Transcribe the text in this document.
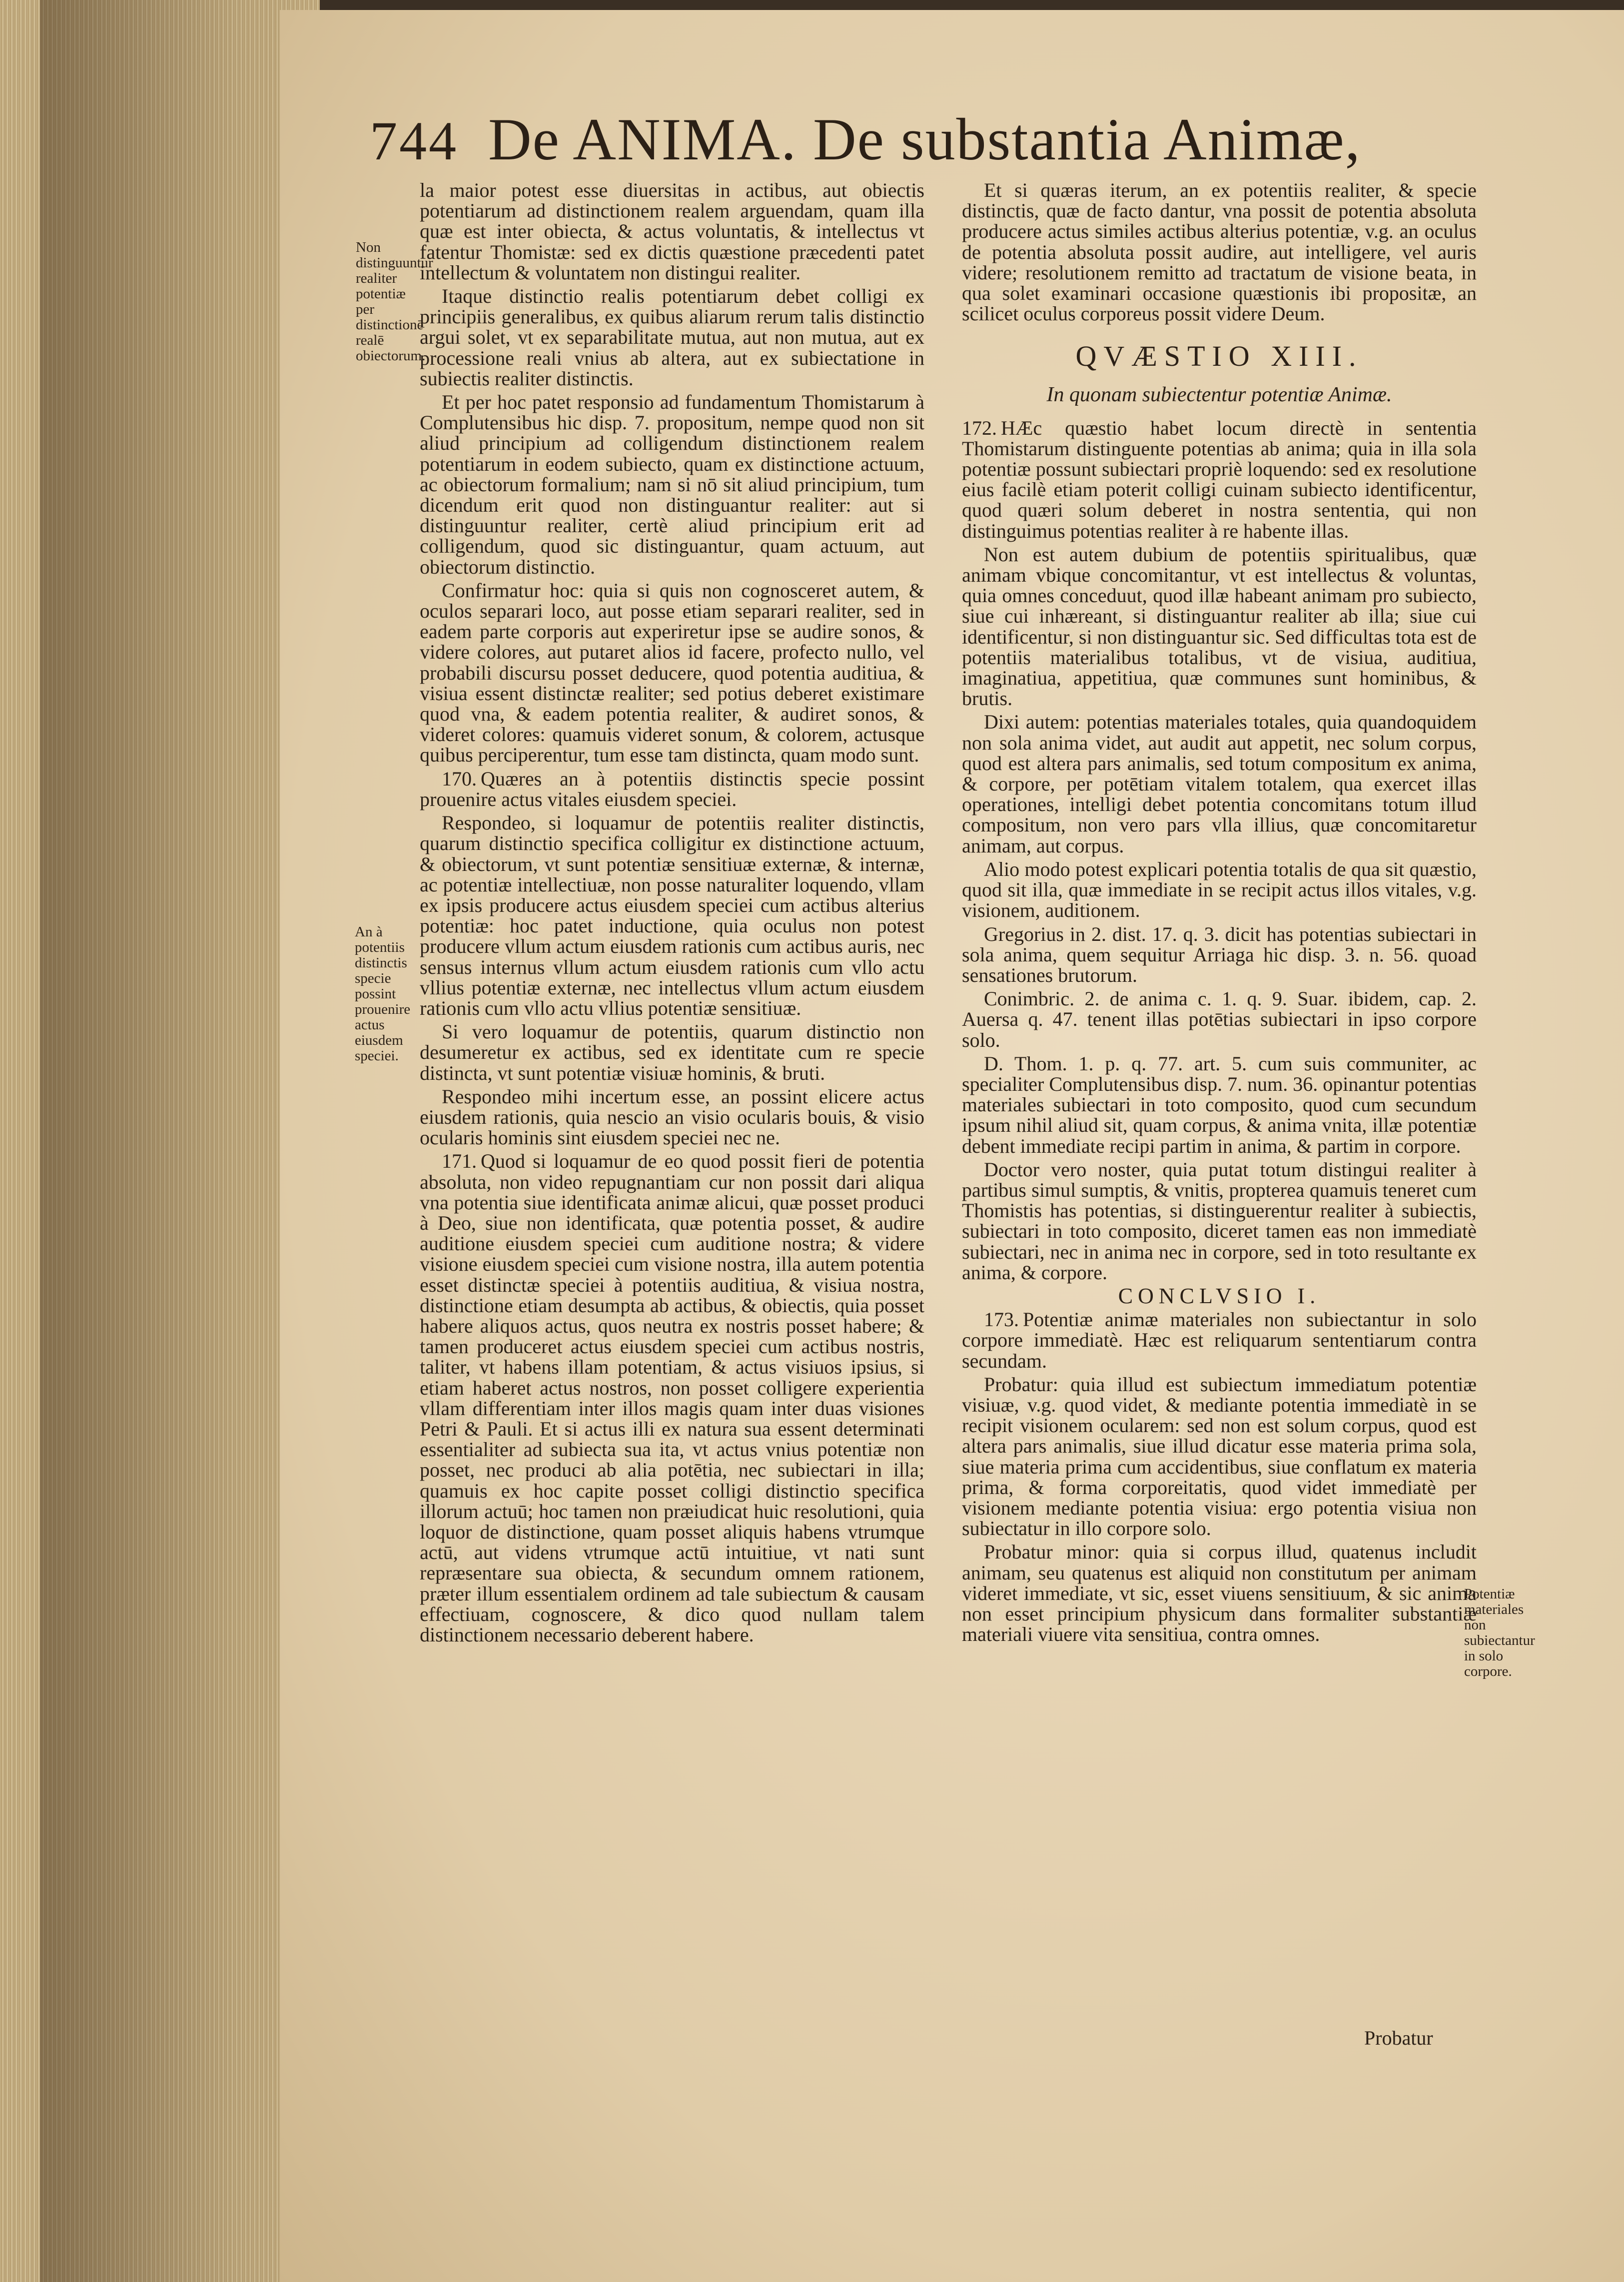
744 De ANIMA. De substantia Animæ,
Non distinguuntur realiter potentiæ per distinctionē realē obiectorum.
An à potentiis distinctis specie possint prouenire actus eiusdem speciei.
Potentiæ materiales non subiectantur in solo corpore.

la maior potest esse diuersitas in actibus, aut obiectis potentiarum ad distinctionem realem arguendam, quam illa quæ est inter obiecta, & actus voluntatis, & intellectus vt fatentur Thomistæ: sed ex dictis quæstione præcedenti patet intellectum & voluntatem non distingui realiter.

Itaque distinctio realis potentiarum debet colligi ex principiis generalibus, ex quibus aliarum rerum talis distinctio argui solet, vt ex separabilitate mutua, aut non mutua, aut ex processione reali vnius ab altera, aut ex subiectatione in subiectis realiter distinctis.

Et per hoc patet responsio ad fundamentum Thomistarum à Complutensibus hic disp. 7. propositum, nempe quod non sit aliud principium ad colligendum distinctionem realem potentiarum in eodem subiecto, quam ex distinctione actuum, ac obiectorum formalium; nam si nō sit aliud principium, tum dicendum erit quod non distinguantur realiter: aut si distinguuntur realiter, certè aliud principium erit ad colligendum, quod sic distinguantur, quam actuum, aut obiectorum distinctio.

Confirmatur hoc: quia si quis non cognosceret autem, & oculos separari loco, aut posse etiam separari realiter, sed in eadem parte corporis aut experiretur ipse se audire sonos, & videre colores, aut putaret alios id facere, profecto nullo, vel probabili discursu posset deducere, quod potentia auditiua, & visiua essent distinctæ realiter; sed potius deberet existimare quod vna, & eadem potentia realiter, & audiret sonos, & videret colores: quamuis videret sonum, & colorem, actusque quibus perciperentur, tum esse tam distincta, quam modo sunt.

170. Quæres an à potentiis distinctis specie possint prouenire actus vitales eiusdem speciei.

Respondeo, si loquamur de potentiis realiter distinctis, quarum distinctio specifica colligitur ex distinctione actuum, & obiectorum, vt sunt potentiæ sensitiuæ externæ, & internæ, ac potentiæ intellectiuæ, non posse naturaliter loquendo, vllam ex ipsis producere actus eiusdem speciei cum actibus alterius potentiæ: hoc patet inductione, quia oculus non potest producere vllum actum eiusdem rationis cum actibus auris, nec sensus internus vllum actum eiusdem rationis cum vllo actu vllius potentiæ externæ, nec intellectus vllum actum eiusdem rationis cum vllo actu vllius potentiæ sensitiuæ.

Si vero loquamur de potentiis, quarum distinctio non desumeretur ex actibus, sed ex identitate cum re specie distincta, vt sunt potentiæ visiuæ hominis, & bruti.

Respondeo mihi incertum esse, an possint elicere actus eiusdem rationis, quia nescio an visio ocularis bouis, & visio ocularis hominis sint eiusdem speciei nec ne.

171. Quod si loquamur de eo quod possit fieri de potentia absoluta, non video repugnantiam cur non possit dari aliqua vna potentia siue identificata animæ alicui, quæ posset produci à Deo, siue non identificata, quæ potentia posset, & audire auditione eiusdem speciei cum auditione nostra; & videre visione eiusdem speciei cum visione nostra, illa autem potentia esset distinctæ speciei à potentiis auditiua, & visiua nostra, distinctione etiam desumpta ab actibus, & obiectis, quia posset habere aliquos actus, quos neutra ex nostris posset habere; & tamen produceret actus eiusdem speciei cum actibus nostris, taliter, vt habens illam potentiam, & actus visiuos ipsius, si etiam haberet actus nostros, non posset colligere experientia vllam differentiam inter illos magis quam inter duas visiones Petri & Pauli. Et si actus illi ex natura sua essent determinati essentialiter ad subiecta sua ita, vt actus vnius potentiæ non posset, nec produci ab alia potētia, nec subiectari in illa; quamuis ex hoc capite posset colligi distinctio specifica illorum actuū; hoc tamen non præiudicat huic resolutioni, quia loquor de distinctione, quam posset aliquis habens vtrumque actū, aut videns vtrumque actū intuitiue, vt nati sunt repræsentare sua obiecta, & secundum omnem rationem, præter illum essentialem ordinem ad tale subiectum & causam effectiuam, cognoscere, & dico quod nullam talem distinctionem necessario deberent habere.

Et si quæras iterum, an ex potentiis realiter, & specie distinctis, quæ de facto dantur, vna possit de potentia absoluta producere actus similes actibus alterius potentiæ, v.g. an oculus de potentia absoluta possit audire, aut intelligere, vel auris videre; resolutionem remitto ad tractatum de visione beata, in qua solet examinari occasione quæstionis ibi propositæ, an scilicet oculus corporeus possit videre Deum.

QVÆSTIO XIII.

In quonam subiectentur potentiæ Animæ.

172. HÆc quæstio habet locum directè in sententia Thomistarum distinguente potentias ab anima; quia in illa sola potentiæ possunt subiectari propriè loquendo: sed ex resolutione eius facilè etiam poterit colligi cuinam subiecto identificentur, quod quæri solum deberet in nostra sententia, qui non distinguimus potentias realiter à re habente illas.

Non est autem dubium de potentiis spiritualibus, quæ animam vbique concomitantur, vt est intellectus & voluntas, quia omnes conceduut, quod illæ habeant animam pro subiecto, siue cui inhæreant, si distinguantur realiter ab illa; siue cui identificentur, si non distinguantur sic. Sed difficultas tota est de potentiis materialibus totalibus, vt de visiua, auditiua, imaginatiua, appetitiua, quæ communes sunt hominibus, & brutis.

Dixi autem: potentias materiales totales, quia quandoquidem non sola anima videt, aut audit aut appetit, nec solum corpus, quod est altera pars animalis, sed totum compositum ex anima, & corpore, per potētiam vitalem totalem, qua exercet illas operationes, intelligi debet potentia concomitans totum illud compositum, non vero pars vlla illius, quæ concomitaretur animam, aut corpus.

Alio modo potest explicari potentia totalis de qua sit quæstio, quod sit illa, quæ immediate in se recipit actus illos vitales, v.g. visionem, auditionem.

Gregorius in 2. dist. 17. q. 3. dicit has potentias subiectari in sola anima, quem sequitur Arriaga hic disp. 3. n. 56. quoad sensationes brutorum.

Conimbric. 2. de anima c. 1. q. 9. Suar. ibidem, cap. 2. Auersa q. 47. tenent illas potētias subiectari in ipso corpore solo.

D. Thom. 1. p. q. 77. art. 5. cum suis communiter, ac specialiter Complutensibus disp. 7. num. 36. opinantur potentias materiales subiectari in toto composito, quod cum secundum ipsum nihil aliud sit, quam corpus, & anima vnita, illæ potentiæ debent immediate recipi partim in anima, & partim in corpore.

Doctor vero noster, quia putat totum distingui realiter à partibus simul sumptis, & vnitis, propterea quamuis teneret cum Thomistis has potentias, si distinguerentur realiter à subiectis, subiectari in toto composito, diceret tamen eas non immediatè subiectari, nec in anima nec in corpore, sed in toto resultante ex anima, & corpore.

CONCLVSIO I.

173. Potentiæ animæ materiales non subiectantur in solo corpore immediatè. Hæc est reliquarum sententiarum contra secundam.

Probatur: quia illud est subiectum immediatum potentiæ visiuæ, v.g. quod videt, & mediante potentia immediatè in se recipit visionem ocularem: sed non est solum corpus, quod est altera pars animalis, siue illud dicatur esse materia prima sola, siue materia prima cum accidentibus, siue conflatum ex materia prima, & forma corporeitatis, quod videt immediatè per visionem mediante potentia visiua: ergo potentia visiua non subiectatur in illo corpore solo.

Probatur minor: quia si corpus illud, quatenus includit animam, seu quatenus est aliquid non constitutum per animam videret immediate, vt sic, esset viuens sensitiuum, & sic anima non esset principium physicum dans formaliter substantiæ materiali viuere vita sensitiua, contra omnes.

Probatur
